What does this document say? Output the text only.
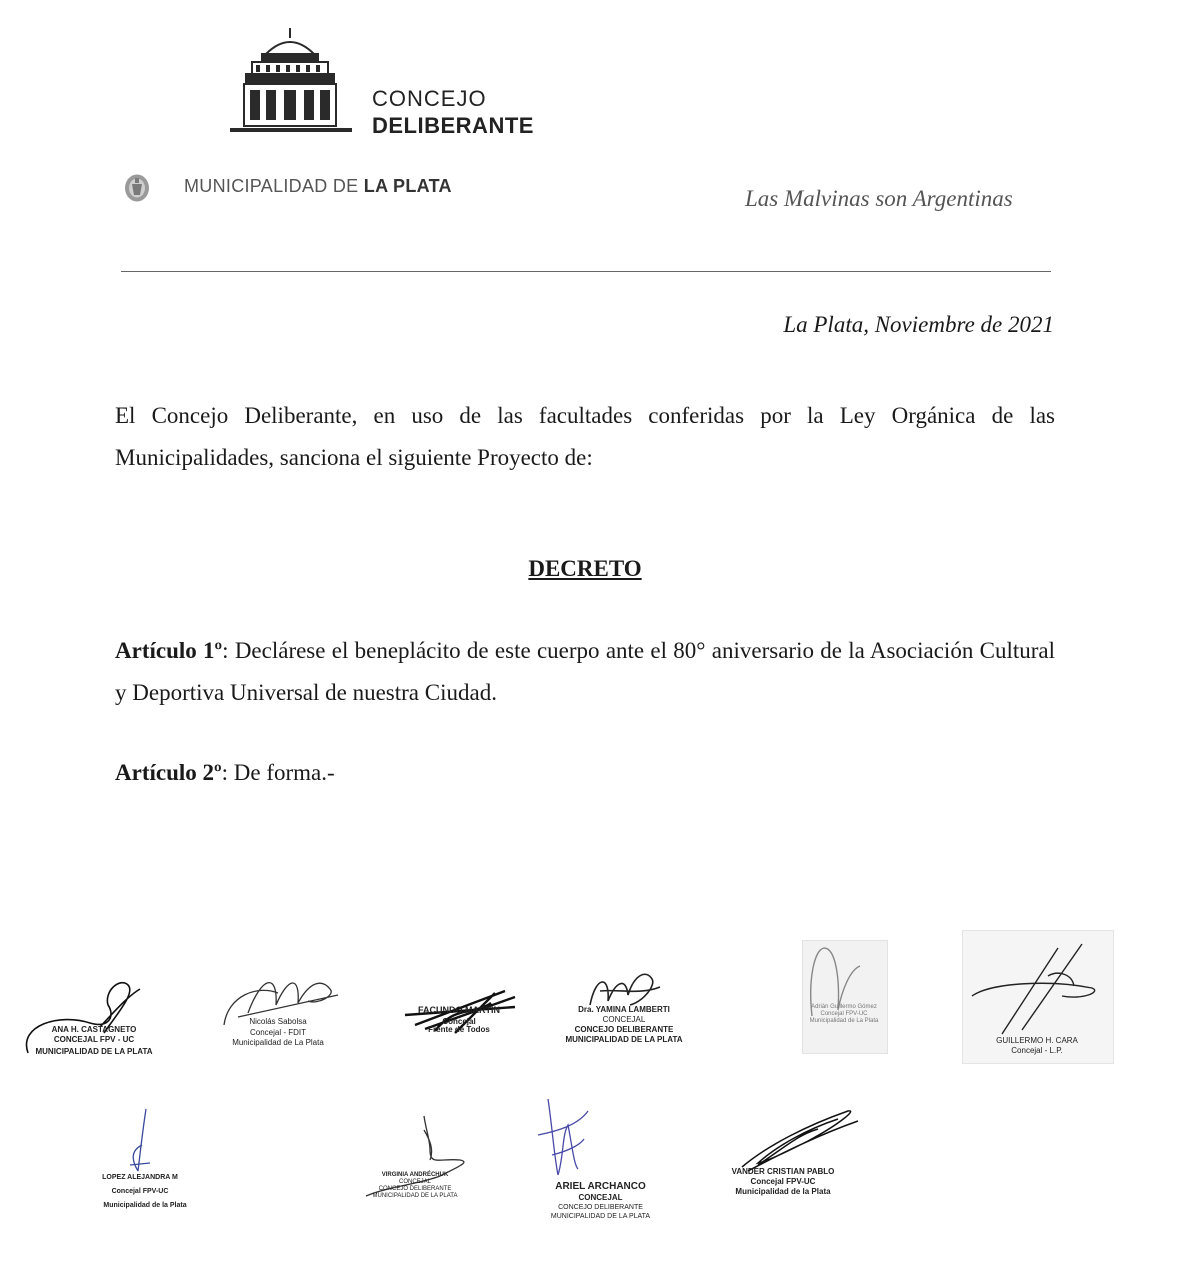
CONCEJO
DELIBERANTE
MUNICIPALIDAD DE LA PLATA	Las Malvinas son Argentinas
La Plata, Noviembre de 2021

El Concejo Deliberante, en uso de las facultades conferidas por la Ley Orgánica de las Municipalidades, sanciona el siguiente Proyecto de:

DECRETO

Artículo 1º: Declárese el beneplácito de este cuerpo ante el 80° aniversario de la Asociación Cultural y Deportiva Universal de nuestra Ciudad.

Artículo 2º: De forma.-

ANA H. CASTAGNETO
CONCEJAL FPV - UC
MUNICIPALIDAD DE LA PLATA
Nicolás Sabolsa
Concejal - FDIT
Municipalidad de La Plata
FACUNDO MARTIN
Concejal
Frente de Todos
Dra. YAMINA LAMBERTI
CONCEJAL
CONCEJO DELIBERANTE
MUNICIPALIDAD DE LA PLATA
Adrián Guillermo Gómez
Concejal FPV-UC
Municipalidad de La Plata
GUILLERMO H. CARA
Concejal - L.P.
LOPEZ ALEJANDRA M
Concejal FPV-UC
Municipalidad de la Plata
VIRGINIA ANDRÉCHUK
CONCEJAL
CONCEJO DELIBERANTE
MUNICIPALIDAD DE LA PLATA
ARIEL ARCHANCO
CONCEJAL
CONCEJO DELIBERANTE
MUNICIPALIDAD DE LA PLATA
VANDER CRISTIAN PABLO
Concejal FPV-UC
Municipalidad de la Plata
